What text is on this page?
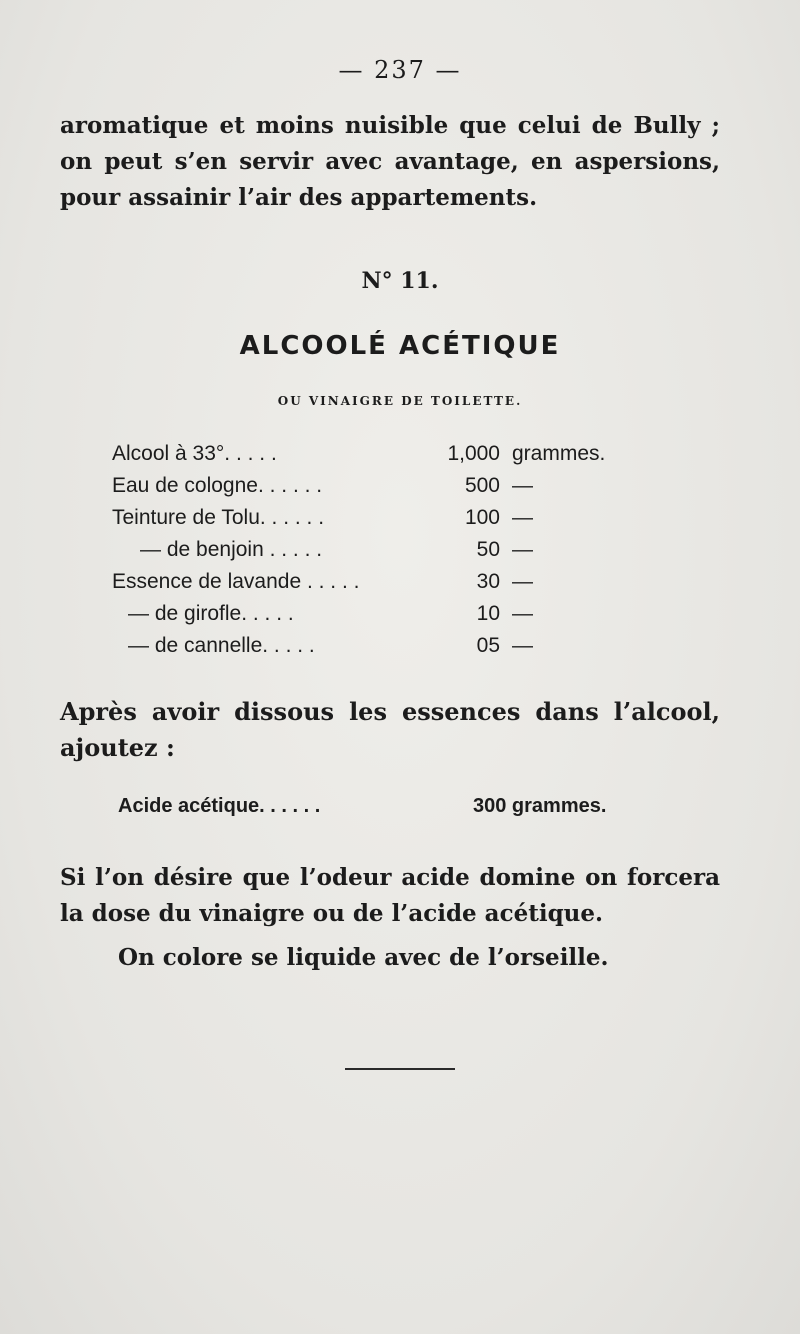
— 237 —

aromatique et moins nuisible que celui de Bully ; on peut s’en servir avec avantage, en aspersions, pour assainir l’air des appartements.

N° 11.
ALCOOLÉ ACÉTIQUE
OU VINAIGRE DE TOILETTE.
Alcool à 33°. . . . .	1,000 grammes.
Eau de cologne. . . . . .	500 —
Teinture de Tolu. . . . . .	100 —
— de benjoin . . . . .	50 —
Essence de lavande . . . . .	30 —
— de girofle. . . . .	10 —
— de cannelle. . . . .	05 —

Après avoir dissous les essences dans l’alcool, ajoutez :

Acide acétique. . . . . .	300 grammes.

Si l’on désire que l’odeur acide domine on forcera la dose du vinaigre ou de l’acide acétique.

On colore se liquide avec de l’orseille.
